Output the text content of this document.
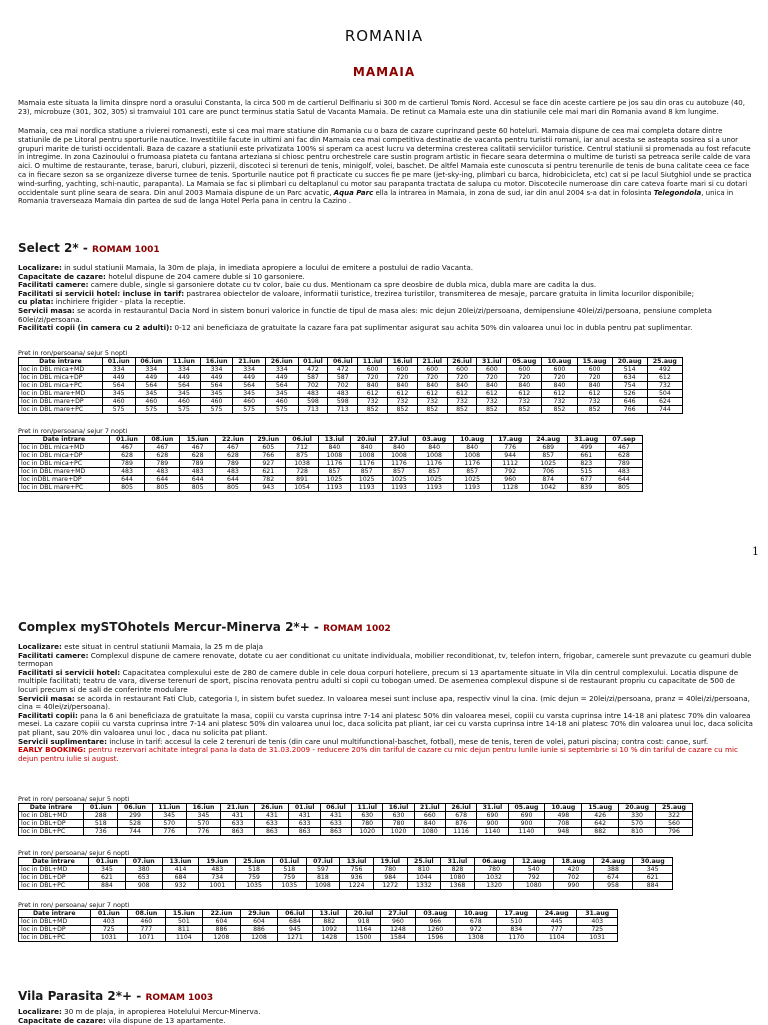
ROMANIA
MAMAIA
Mamaia este situata la limita dinspre nord a orasului Constanta, la circa 500 m de cartierul Delfinariu si 300 m de cartierul Tomis Nord. Accesul se face din aceste cartiere pe jos sau din oras cu autobuze (40, 23), microbuze (301, 302, 305) si tramvaiul 101 care are punct terminus statia Satul de Vacanta Mamaia. De retinut ca Mamaia este una din statiunile cele mai mari din Romania avand 8 km lungime.
Mamaia, cea mai nordica statiune a rivierei romanesti, este si cea mai mare statiune din Romania cu o baza de cazare cuprinzand peste 60 hoteluri. Mamaia dispune de cea mai completa dotare dintre statiunile de pe Litoral pentru sporturile nautice. Investitiile facute in ultimi ani fac din Mamaia cea mai competitiva destinatie de vacanta pentru turistii romani, iar anul acesta se asteapta sosirea si a unor grupuri marite de turisti occidentali. Baza de cazare a statiunii este privatizata 100% si speram ca acest lucru va determina cresterea calitatii serviciilor turistice. Centrul statiunii si promenada au fost refacute in intregime. In zona Cazinoului o frumoasa piateta cu fantana arteziana si chiosc pentru orchestrele care sustin program artistic in fiecare seara determina o multime de turisti sa petreaca serile calde de vara aici. O multime de restaurante, terase, baruri, cluburi, pizzerii, discoteci si terenuri de tenis, minigolf, volei, baschet. De altfel Mamaia este cunoscuta si pentru terenurile de tenis de buna calitate ceea ce face ca in fiecare sezon sa se organizeze diverse turnee de tenis. Sporturile nautice pot fi practicate cu succes fie pe mare (jet-sky-ing, plimbari cu barca, hidrobicicleta, etc) cat si pe lacul Siutghiol unde se practica wind-surfing, yachting, schi-nautic, parapanta). La Mamaia se fac si plimbari cu deltaplanul cu motor sau parapanta tractata de salupa cu motor. Discotecile numeroase din care cateva foarte mari si cu dotari occidentale sunt pline seara de seara. Din anul 2003 Mamaia dispune de un Parc acvatic, Aqua Parc ella la intrarea in Mamaia, in zona de sud, iar din anul 2004 s-a dat in folosinta Telegondola, unica in Romania traverseaza Mamaia din partea de sud de langa Hotel Perla pana in centru la Cazino .
Select 2* - ROMAM 1001
Localizare: in sudul statiunii Mamaia, la 30m de plaja, in imediata apropiere a locului de emitere a postului de radio Vacanta.
Capacitate de cazare: hotelul dispune de 204 camere duble si 10 garsoniere.
Facilitati camere: camere duble, single si garsoniere dotate cu tv color, baie cu dus. Mentionam ca spre deosbire de dubla mica, dubla mare are cadita la dus.
Facilitati si servicii hotel: incluse in tarif: pastrarea obiectelor de valoare, informatii turistice, trezirea turistilor, transmiterea de mesaje, parcare gratuita in limita locurilor disponibile;
cu plata: inchiriere frigider - plata la receptie.
Servicii masa: se acorda in restaurantul Dacia Nord in sistem bonuri valorice in functie de tipul de masa ales: mic dejun 20lei/zi/persoana, demipensiune 40lei/zi/persoana, pensiune completa 60lei/zi/persoana.
Facilitati copii (in camera cu 2 adulti): 0-12 ani beneficiaza de gratuitate la cazare fara pat suplimentar asigurat sau achita 50% din valoarea unui loc in dubla pentru pat suplimentar.
Pret in ron/persoana/ sejur 5 nopti
Date intrare	01.iun	06.iun	11.iun	16.iun	21.iun	26.iun	01.iul	06.iul	11.iul	16.iul	21.iul	26.iul	31.iul	05.aug	10.aug	15.aug	20.aug	25.aug
loc in DBL mica+MD	334	334	334	334	334	334	472	472	600	600	600	600	600	600	600	600	514	492
loc in DBL mica+DP	449	449	449	449	449	449	587	587	720	720	720	720	720	720	720	720	634	612
loc in DBL mica+PC	564	564	564	564	564	564	702	702	840	840	840	840	840	840	840	840	754	732
loc in DBL mare+MD	345	345	345	345	345	345	483	483	612	612	612	612	612	612	612	612	526	504
loc in DBL mare+DP	460	460	460	460	460	460	598	598	732	732	732	732	732	732	732	732	646	624
loc in DBL mare+PC	575	575	575	575	575	575	713	713	852	852	852	852	852	852	852	852	766	744
Pret in ron/persoana/ sejur 7 nopti
Date intrare	01.iun	08.iun	15.iun	22.iun	29.iun	06.iul	13.iul	20.iul	27.iul	03.aug	10.aug	17.aug	24.aug	31.aug	07.sep
loc in DBL mica+MD	467	467	467	467	605	712	840	840	840	840	840	776	689	499	467
loc in DBL mica+DP	628	628	628	628	766	875	1008	1008	1008	1008	1008	944	857	661	628
loc in DBL mica+PC	789	789	789	789	927	1038	1176	1176	1176	1176	1176	1112	1025	823	789
loc in DBL mare+MD	483	483	483	483	621	728	857	857	857	857	857	792	706	515	483
loc inDBL mare+DP	644	644	644	644	782	891	1025	1025	1025	1025	1025	960	874	677	644
loc in DBL mare+PC	805	805	805	805	943	1054	1193	1193	1193	1193	1193	1128	1042	839	805
1
Complex mySTOhotels Mercur-Minerva 2*+ - ROMAM 1002
Localizare: este situat in centrul statiunii Mamaia, la 25 m de plaja
Facilitati camere: Complexul dispune de camere renovate, dotate cu aer conditionat cu unitate individuala, mobilier reconditionat, tv, telefon intern, frigobar, camerele sunt prevazute cu geamuri duble termopan
Facilitati si servicii hotel: Capacitatea complexului este de 280 de camere duble in cele doua corpuri hoteliere, precum si 13 apartamente situate in Vila din centrul complexului. Locatia dispune de multiple facilitati; teatru de vara, diverse terenuri de sport, piscina renovata pentru adulti si copii cu tobogan umed. De asemenea complexul dispune si de restaurant propriu cu capacitate de 500 de locuri precum si de sali de conferinte modulare
Servicii masa: se acorda in restaurant Fati Club, categoria I, in sistem bufet suedez. In valoarea mesei sunt incluse apa, respectiv vinul la cina. (mic dejun = 20lei/zi/persoana, pranz = 40lei/zi/persoana, cina = 40lei/zi/persoana).
Facilitati copii: pana la 6 ani beneficiaza de gratuitate la masa, copiii cu varsta cuprinsa intre 7-14 ani platesc 50% din valoarea mesei, copiii cu varsta cuprinsa intre 14-18 ani platesc 70% din valoarea mesei. La cazare copiii cu varsta cuprinsa intre 7-14 ani platesc 50% din valoarea unui loc, daca solicita pat pliant, iar cei cu varsta cuprinsa intre 14-18 ani platesc 70% din valoarea unui loc, daca solicita pat pliant, sau 20% din valoarea unui loc , daca nu solicita pat pliant.
Servicii suplimentare: incluse in tarif: accesul la cele 2 terenuri de tenis (din care unul multifunctional-baschet, fotbal), mese de tenis, teren de volei, paturi piscina; contra cost: canoe, surf.
EARLY BOOKING: pentru rezervari achitate integral pana la data de 31.03.2009 - reducere 20% din tariful de cazare cu mic dejun pentru lunile iunie si septembrie si 10 % din tariful de cazare cu mic dejun pentru iulie si august.
Pret in ron/ persoana/ sejur 5 nopti
Date intrare	01.iun	06.iun	11.iun	16.iun	21.iun	26.iun	01.iul	06.iul	11.iul	16.iul	21.iul	26.iul	31.iul	05.aug	10.aug	15.aug	20.aug	25.aug
loc in DBL+MD	288	299	345	345	431	431	431	431	630	630	660	678	690	690	498	426	330	322
loc in DBL+DP	518	528	570	570	633	633	633	633	780	780	840	876	900	900	708	642	570	560
loc in DBL+PC	736	744	776	776	863	863	863	863	1020	1020	1080	1116	1140	1140	948	882	810	796
Pret in ron/ persoana/ sejur 6 nopti
Date intrare	01.iun	07.iun	13.iun	19.iun	25.iun	01.iul	07.iul	13.iul	19.iul	25.iul	31.iul	06.aug	12.aug	18.aug	24.aug	30.aug
loc in DBL+MD	345	380	414	483	518	518	597	756	780	810	828	780	540	420	388	345
loc in DBL+DP	621	653	684	734	759	759	818	936	984	1044	1080	1032	792	702	674	621
loc in DBL+PC	884	908	932	1001	1035	1035	1098	1224	1272	1332	1368	1320	1080	990	958	884
Pret in ron/ persoana/ sejur 7 nopti
Date intrare	01.iun	08.iun	15.iun	22.iun	29.iun	06.iul	13.iul	20.iul	27.iul	03.aug	10.aug	17.aug	24.aug	31.aug
loc in DBL+MD	403	460	501	604	604	684	882	918	960	966	678	510	445	403
loc in DBL+DP	725	777	811	886	886	945	1092	1164	1248	1260	972	834	777	725
loc in DBL+PC	1031	1071	1104	1208	1208	1271	1428	1500	1584	1596	1308	1170	1104	1031
Vila Parasita 2*+ - ROMAM 1003
Localizare: 30 m de plaja, in apropierea Hotelului Mercur-Minerva.
Capacitate de cazare: vila dispune de 13 apartamente.
